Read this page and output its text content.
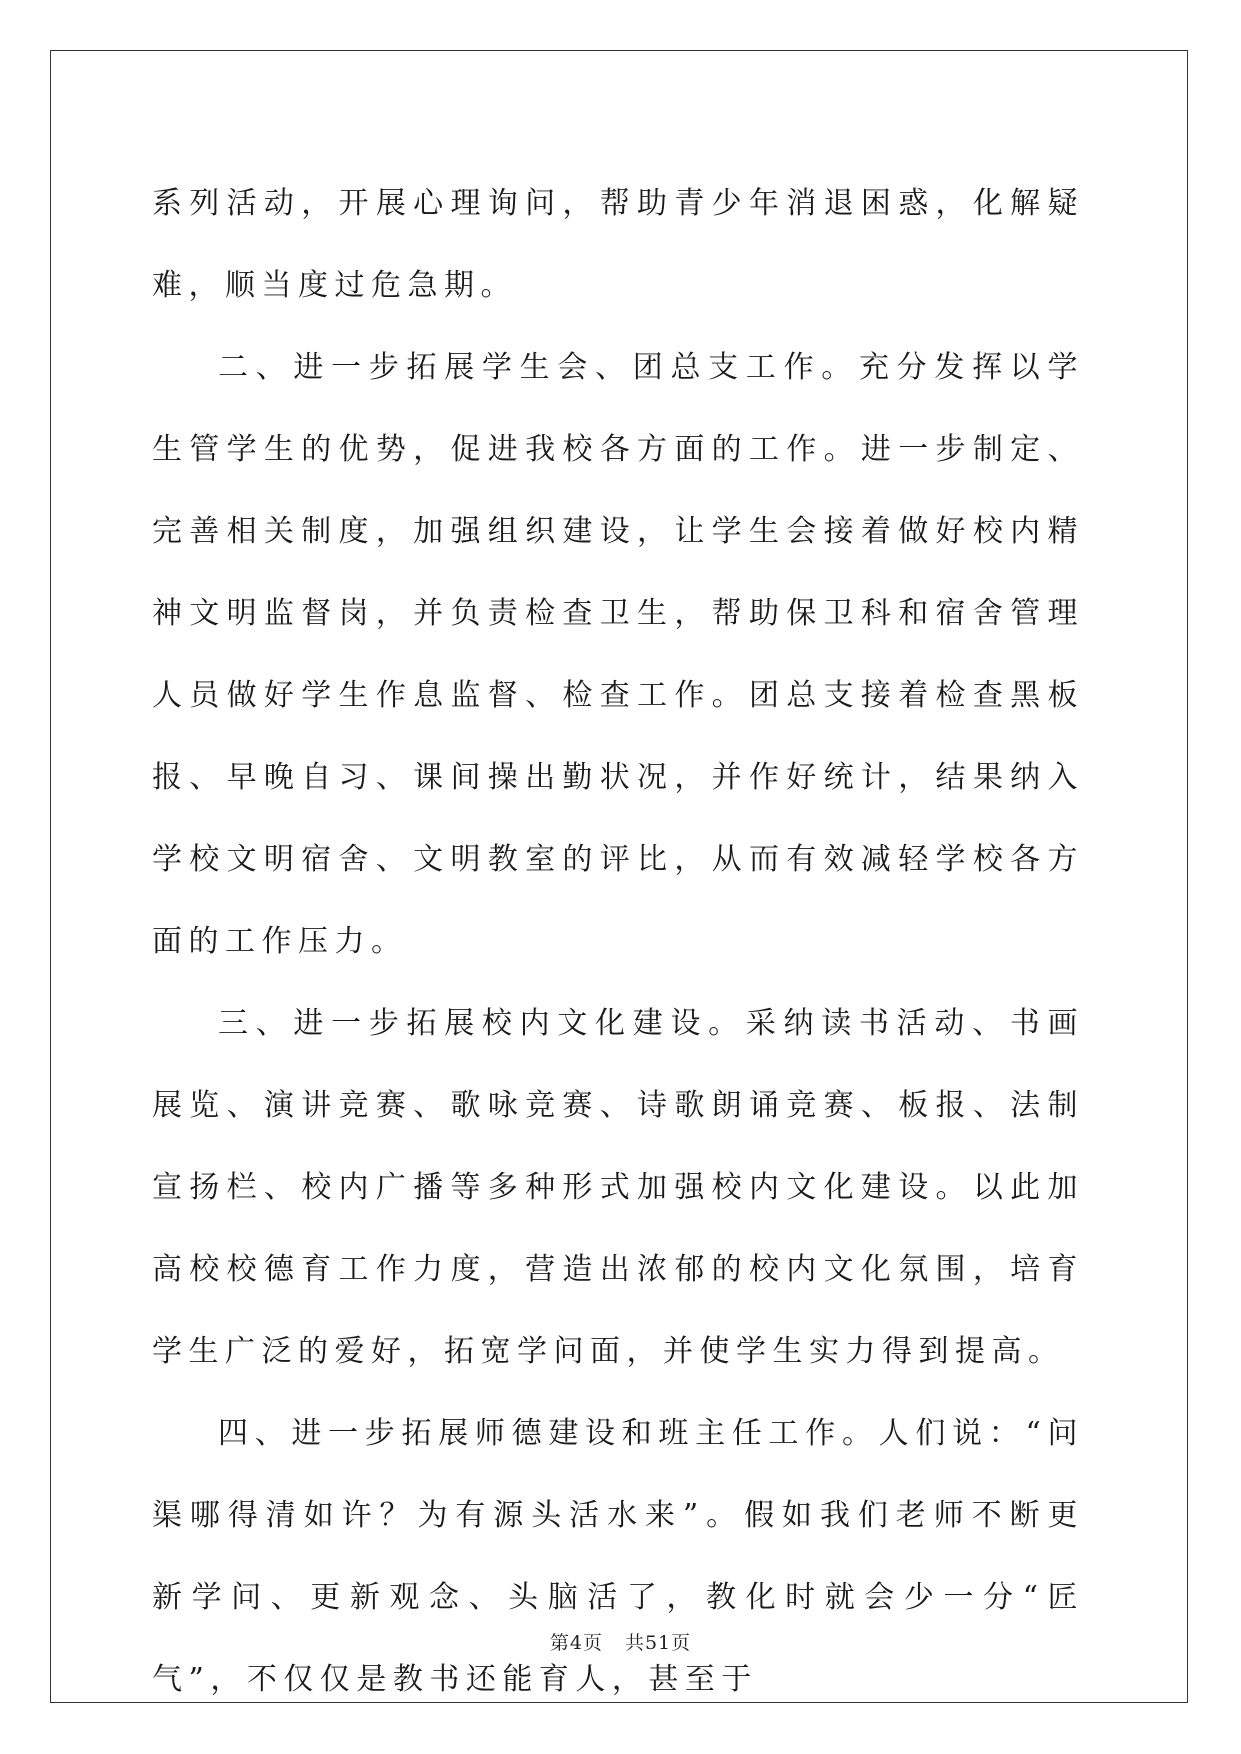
系列活动，开展心理询问，帮助青少年消退困惑，化解疑难，顺当度过危急期。

二、进一步拓展学生会、团总支工作。充分发挥以学生管学生的优势，促进我校各方面的工作。进一步制定、完善相关制度，加强组织建设，让学生会接着做好校内精神文明监督岗，并负责检查卫生，帮助保卫科和宿舍管理人员做好学生作息监督、检查工作。团总支接着检查黑板报、早晚自习、课间操出勤状况，并作好统计，结果纳入学校文明宿舍、文明教室的评比，从而有效减轻学校各方面的工作压力。

三、进一步拓展校内文化建设。采纳读书活动、书画展览、演讲竞赛、歌咏竞赛、诗歌朗诵竞赛、板报、法制宣扬栏、校内广播等多种形式加强校内文化建设。以此加高校校德育工作力度，营造出浓郁的校内文化氛围，培育学生广泛的爱好，拓宽学问面，并使学生实力得到提高。

四、进一步拓展师德建设和班主任工作。人们说：“问渠哪得清如许？为有源头活水来”。假如我们老师不断更新学问、更新观念、头脑活了，教化时就会少一分“匠气”，不仅仅是教书还能育人，甚至于

第4页 共51页
